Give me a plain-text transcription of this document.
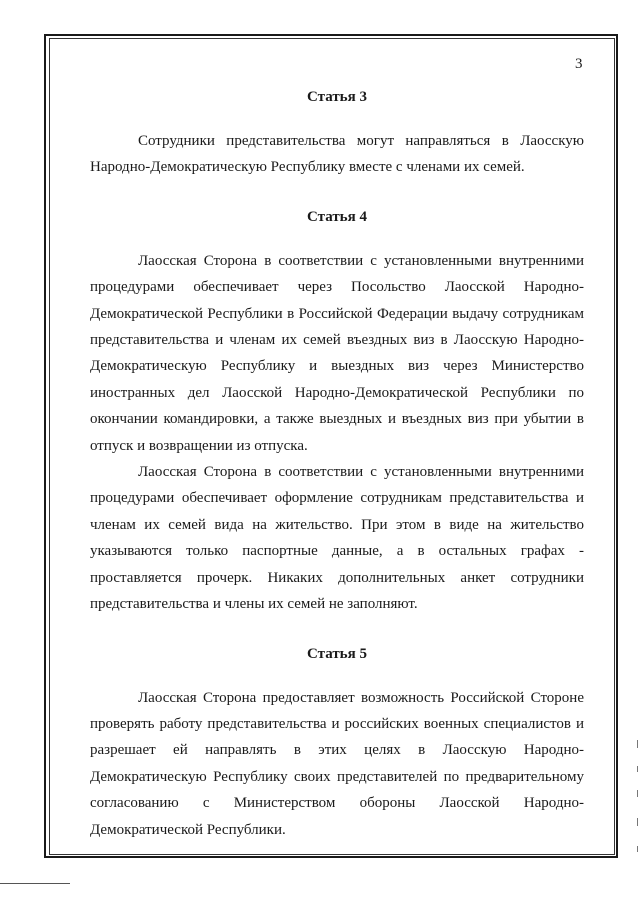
3
Статья 3

Сотрудники представительства могут направляться в Лаосскую Народно-Демократическую Республику вместе с членами их семей.

Статья 4

Лаосская Сторона в соответствии с установленными внутренними процедурами обеспечивает через Посольство Лаосской Народно-Демократической Республики в Российской Федерации выдачу сотрудникам представительства и членам их семей въездных виз в Лаосскую Народно-Демократическую Республику и выездных виз через Министерство иностранных дел Лаосской Народно-Демократической Республики по окончании командировки, а также выездных и въездных виз при убытии в отпуск и возвращении из отпуска.

Лаосская Сторона в соответствии с установленными внутренними процедурами обеспечивает оформление сотрудникам представительства и членам их семей вида на жительство. При этом в виде на жительство указываются только паспортные данные, а в остальных графах - проставляется прочерк. Никаких дополнительных анкет сотрудники представительства и члены их семей не заполняют.

Статья 5

Лаосская Сторона предоставляет возможность Российской Стороне проверять работу представительства и российских военных специалистов и разрешает ей направлять в этих целях в Лаосскую Народно-Демократическую Республику своих представителей по предварительному согласованию с Министерством обороны Лаосской Народно-Демократической Республики.
